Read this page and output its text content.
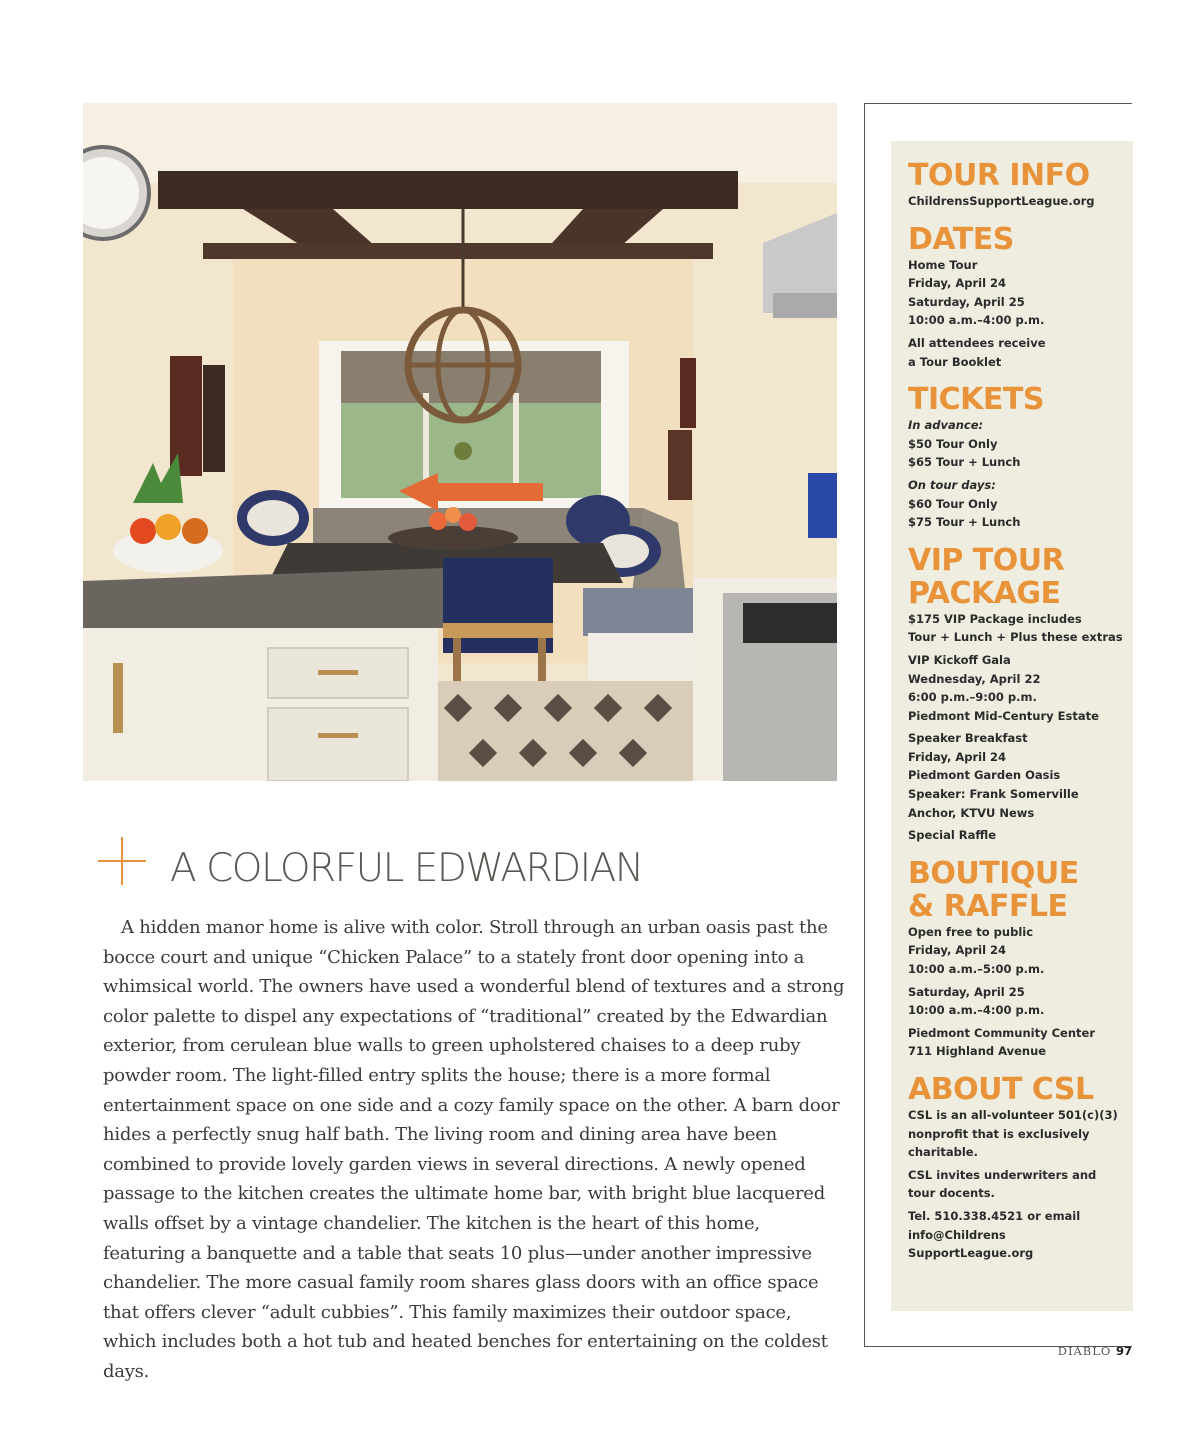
A COLORFUL EDWARDIAN

A hidden manor home is alive with color. Stroll through an urban oasis past the bocce court and unique “Chicken Palace” to a stately front door opening into a whimsical world. The owners have used a wonderful blend of textures and a strong color palette to dispel any expectations of “traditional” created by the Edwardian exterior, from cerulean blue walls to green upholstered chaises to a deep ruby powder room. The light-filled entry splits the house; there is a more formal entertainment space on one side and a cozy family space on the other. A barn door hides a perfectly snug half bath. The living room and dining area have been combined to provide lovely garden views in several directions. A newly opened passage to the kitchen creates the ultimate home bar, with bright blue lacquered walls offset by a vintage chandelier. The kitchen is the heart of this home, featuring a banquette and a table that seats 10 plus—under another impressive chandelier. The more casual family room shares glass doors with an office space that offers clever “adult cubbies”. This family maximizes their outdoor space, which includes both a hot tub and heated benches for entertaining on the coldest days.

TOUR INFO
ChildrensSupportLeague.org
DATES
Home Tour
Friday, April 24
Saturday, April 25
10:00 a.m.–4:00 p.m.
All attendees receive
a Tour Booklet
TICKETS
In advance:
$50 Tour Only
$65 Tour + Lunch
On tour days:
$60 Tour Only
$75 Tour + Lunch
VIP TOUR
PACKAGE
$175 VIP Package includes
Tour + Lunch + Plus these extras
VIP Kickoff Gala
Wednesday, April 22
6:00 p.m.–9:00 p.m.
Piedmont Mid-Century Estate
Speaker Breakfast
Friday, April 24
Piedmont Garden Oasis
Speaker: Frank Somerville
Anchor, KTVU News
Special Raffle
BOUTIQUE
& RAFFLE
Open free to public
Friday, April 24
10:00 a.m.–5:00 p.m.
Saturday, April 25
10:00 a.m.–4:00 p.m.
Piedmont Community Center
711 Highland Avenue
ABOUT CSL
CSL is an all-volunteer 501(c)(3)
nonprofit that is exclusively
charitable.
CSL invites underwriters and
tour docents.
Tel. 510.338.4521 or email
info@Childrens
SupportLeague.org

DIABLO 97
